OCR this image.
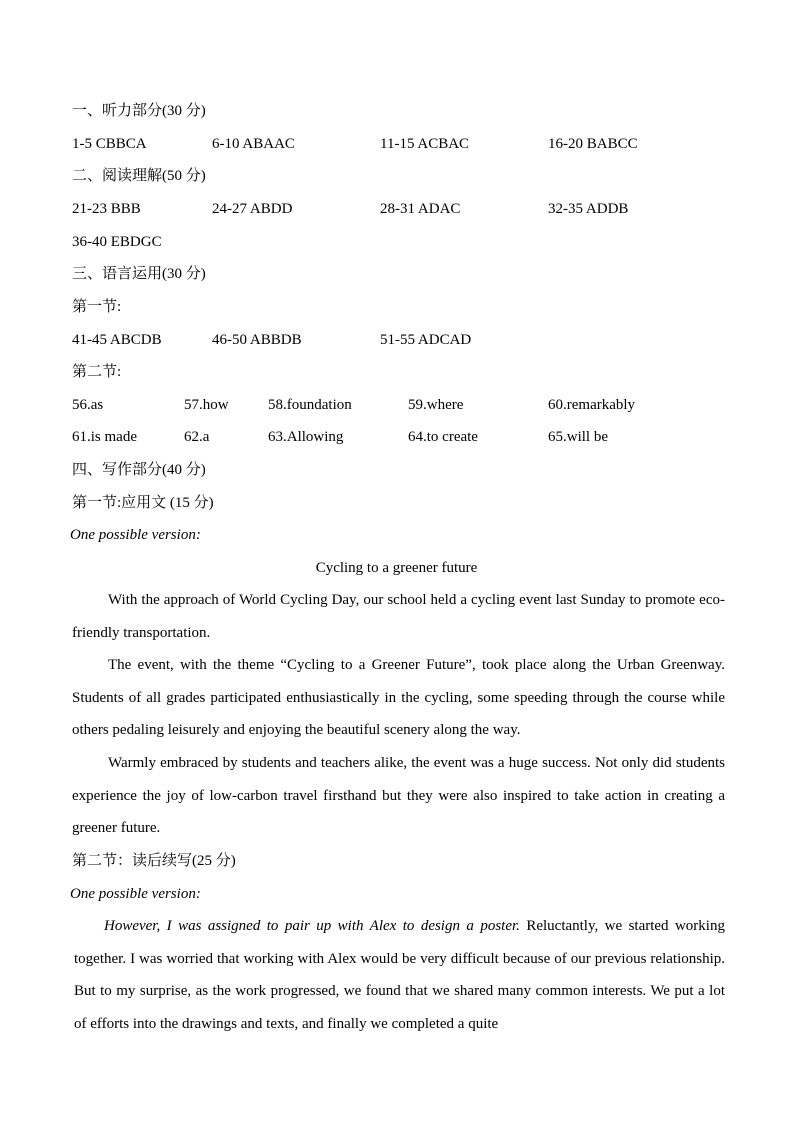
一、听力部分(30 分)
1-5 CBBCA	6-10 ABAAC	11-15 ACBAC	16-20 BABCC
二、阅读理解(50 分)
21-23 BBB	24-27 ABDD	28-31 ADAC	32-35 ADDB
36-40 EBDGC
三、语言运用(30 分)
第一节:
41-45 ABCDB	46-50 ABBDB	51-55 ADCAD
第二节:
56.as	57.how	58.foundation	59.where	60.remarkably
61.is made	62.a	63.Allowing	64.to create	65.will be
四、写作部分(40 分)
第一节:应用文 (15 分)
One possible version:
Cycling to a greener future
With the approach of World Cycling Day, our school held a cycling event last Sunday to promote eco-friendly transportation.
The event, with the theme “Cycling to a Greener Future”, took place along the Urban Greenway. Students of all grades participated enthusiastically in the cycling, some speeding through the course while others pedaling leisurely and enjoying the beautiful scenery along the way.
Warmly embraced by students and teachers alike, the event was a huge success. Not only did students experience the joy of low-carbon travel firsthand but they were also inspired to take action in creating a greener future.
第二节：读后续写(25 分)
One possible version:
However, I was assigned to pair up with Alex to design a poster. Reluctantly, we started working together. I was worried that working with Alex would be very difficult because of our previous relationship. But to my surprise, as the work progressed, we found that we shared many common interests. We put a lot of efforts into the drawings and texts, and finally we completed a quite
